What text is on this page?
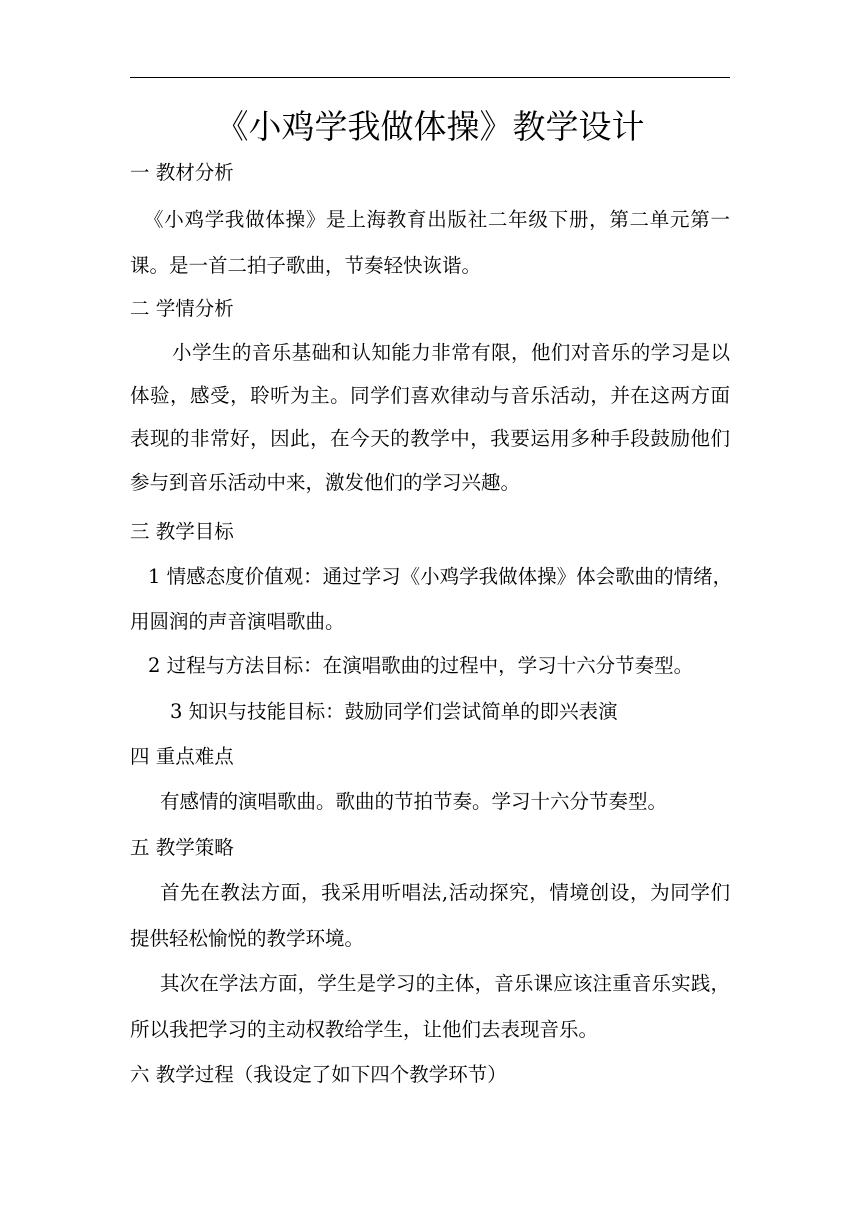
《小鸡学我做体操》教学设计
一 教材分析
《小鸡学我做体操》是上海教育出版社二年级下册，第二单元第一
课。是一首二拍子歌曲，节奏轻快诙谐。
二 学情分析
小学生的音乐基础和认知能力非常有限，他们对音乐的学习是以
体验，感受，聆听为主。同学们喜欢律动与音乐活动，并在这两方面
表现的非常好，因此，在今天的教学中，我要运用多种手段鼓励他们
参与到音乐活动中来，激发他们的学习兴趣。
三 教学目标
1 情感态度价值观：通过学习《小鸡学我做体操》体会歌曲的情绪，
用圆润的声音演唱歌曲。
2 过程与方法目标：在演唱歌曲的过程中，学习十六分节奏型。
3 知识与技能目标：鼓励同学们尝试简单的即兴表演
四 重点难点
有感情的演唱歌曲。歌曲的节拍节奏。学习十六分节奏型。
五 教学策略
首先在教法方面，我采用听唱法,活动探究，情境创设，为同学们
提供轻松愉悦的教学环境。
其次在学法方面，学生是学习的主体，音乐课应该注重音乐实践，
所以我把学习的主动权教给学生，让他们去表现音乐。
六 教学过程（我设定了如下四个教学环节）
